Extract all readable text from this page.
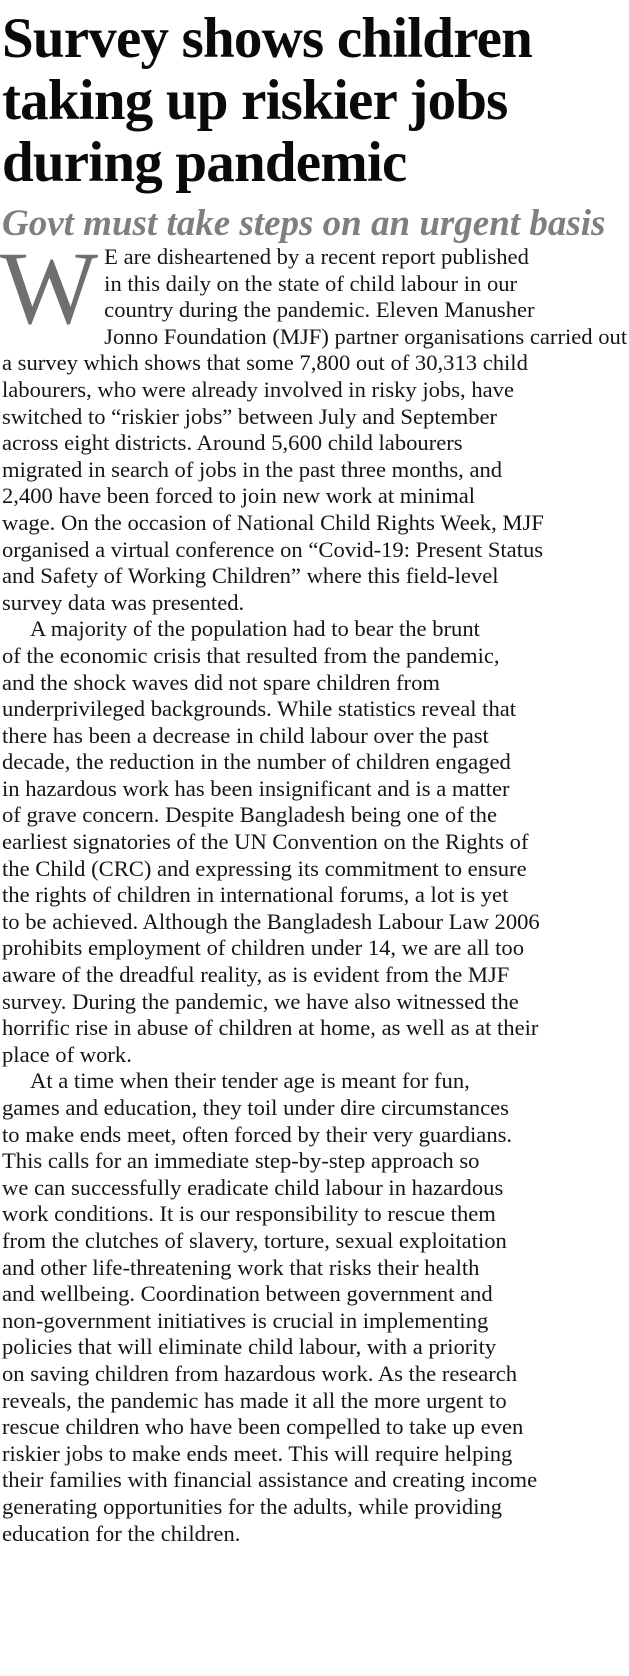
Survey shows children
taking up riskier jobs
during pandemic
Govt must take steps on an urgent basis
W E are disheartened by a recent report published
in this daily on the state of child labour in our
country during the pandemic. Eleven Manusher
Jonno Foundation (MJF) partner organisations carried out
a survey which shows that some 7,800 out of 30,313 child
labourers, who were already involved in risky jobs, have
switched to “riskier jobs” between July and September
across eight districts. Around 5,600 child labourers
migrated in search of jobs in the past three months, and
2,400 have been forced to join new work at minimal
wage. On the occasion of National Child Rights Week, MJF
organised a virtual conference on “Covid-19: Present Status
and Safety of Working Children” where this field-level
survey data was presented.
A majority of the population had to bear the brunt
of the economic crisis that resulted from the pandemic,
and the shock waves did not spare children from
underprivileged backgrounds. While statistics reveal that
there has been a decrease in child labour over the past
decade, the reduction in the number of children engaged
in hazardous work has been insignificant and is a matter
of grave concern. Despite Bangladesh being one of the
earliest signatories of the UN Convention on the Rights of
the Child (CRC) and expressing its commitment to ensure
the rights of children in international forums, a lot is yet
to be achieved. Although the Bangladesh Labour Law 2006
prohibits employment of children under 14, we are all too
aware of the dreadful reality, as is evident from the MJF
survey. During the pandemic, we have also witnessed the
horrific rise in abuse of children at home, as well as at their
place of work.
At a time when their tender age is meant for fun,
games and education, they toil under dire circumstances
to make ends meet, often forced by their very guardians.
This calls for an immediate step-by-step approach so
we can successfully eradicate child labour in hazardous
work conditions. It is our responsibility to rescue them
from the clutches of slavery, torture, sexual exploitation
and other life-threatening work that risks their health
and wellbeing. Coordination between government and
non-government initiatives is crucial in implementing
policies that will eliminate child labour, with a priority
on saving children from hazardous work. As the research
reveals, the pandemic has made it all the more urgent to
rescue children who have been compelled to take up even
riskier jobs to make ends meet. This will require helping
their families with financial assistance and creating income
generating opportunities for the adults, while providing
education for the children.
